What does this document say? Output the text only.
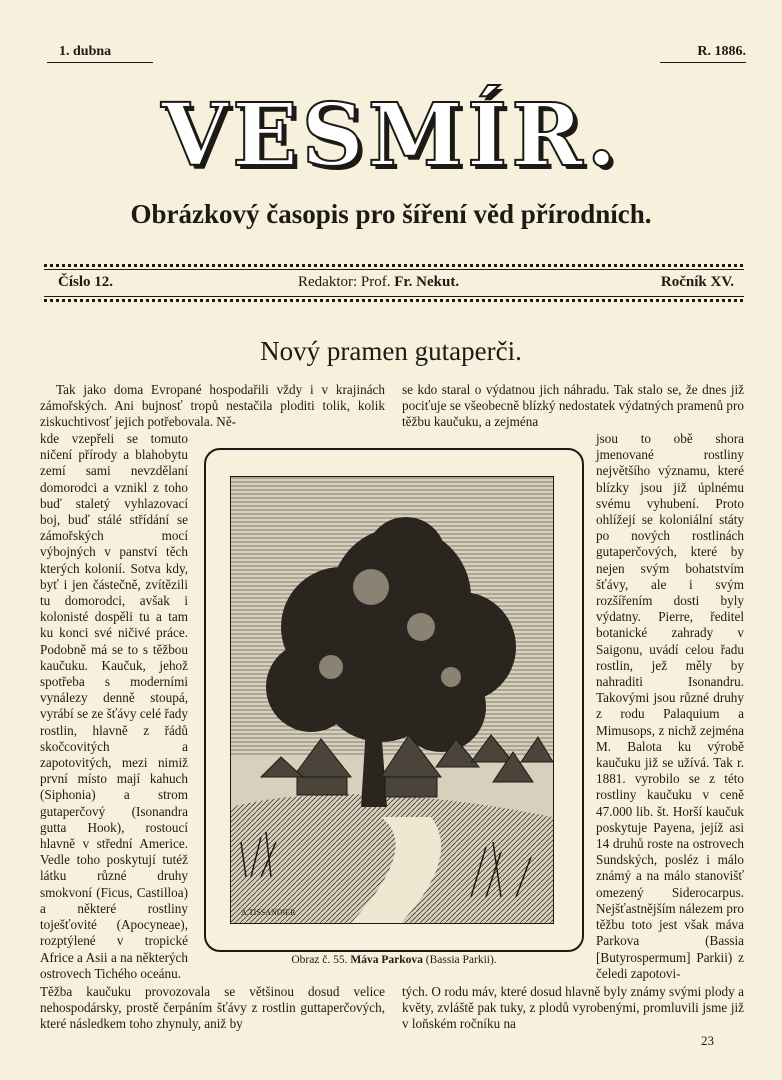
1. dubna	R. 1886.
VESMÍR.
Obrázkový časopis pro šíření věd přírodních.
Číslo 12.	Redaktor: Prof. Fr. Nekut.	Ročník XV.
Nový pramen gutaperči.

Tak jako doma Evropané hospodařili vždy i v krajinách zámořských. Ani bujnosť tropů nestačila ploditi tolik, kolik ziskuchtivosť jejich potřebovala. Ně-

kde vzepřeli se tomuto ničení přírody a blahobytu zemí sami nevzdělaní domorodci a vznikl z toho buď staletý vyhlazovací boj, buď stálé střídání se zámořských mocí výbojných v panství těch kterých kolonií. Sotva kdy, byť i jen částečně, zvítězili tu domorodci, avšak i kolonisté dospěli tu a tam ku konci své ničivé práce. Podobně má se to s těžbou kaučuku. Kaučuk, jehož spotřeba s moderními vynálezy denně stoupá, vyrábí se ze šťávy celé řady rostlin, hlavně z řádů skočcovitých a zapotovitých, mezi nimiž první místo mají kahuch (Siphonia) a strom gutaperčový (Isonandra gutta Hook), rostoucí hlavně v střední Americe. Vedle toho poskytují tutéž látku různé druhy smokvoní (Ficus, Castilloa) a některé rostliny toješťovité (Apocyneae), rozptýlené v tropické Africe a Asii a na některých ostrovech Tichého oceánu.

se kdo staral o výdatnou jich náhradu. Tak stalo se, že dnes již pociťuje se všeobecně blízký nedostatek výdatných pramenů pro těžbu kaučuku, a zejména

jsou to obě shora jmenované rostliny největšího významu, které blízky jsou již úplnému svému vyhubení. Proto ohlížejí se koloniální státy po nových rostlinách gutaperčových, které by nejen svým bohatstvím šťávy, ale i svým rozšířením dosti byly výdatny. Pierre, ředitel botanické zahrady v Saigonu, uvádí celou řadu rostlin, jež měly by nahraditi Isonandru. Takovými jsou různé druhy z rodu Palaquium a Mimusops, z nichž zejména M. Balota ku výrobě kaučuku již se užívá. Tak r. 1881. vyrobilo se z této rostliny kaučuku v ceně 47.000 lib. št. Horší kaučuk poskytuje Payena, jejíž asi 14 druhů roste na ostrovech Sundských, posléz i málo známý a na málo stanovišť omezený Siderocarpus. Nejšťastnějším nálezem pro těžbu toto jest však máva Parkova (Bassia [Butyrospermum] Parkii) z čeledi zapotovi-

Těžba kaučuku provozovala se většinou dosud velice nehospodársky, prostě čerpáním šťávy z rostlin guttaperčových, které následkem toho zhynuly, aniž by

tých. O rodu máv, které dosud hlavně byly známy svými plody a květy, zvláště pak tuky, z plodů vyrobenými, promluvili jsme již v loňském ročníku na

A.TISSANDIER
Obraz č. 55. Máva Parkova (Bassia Parkii).
23
